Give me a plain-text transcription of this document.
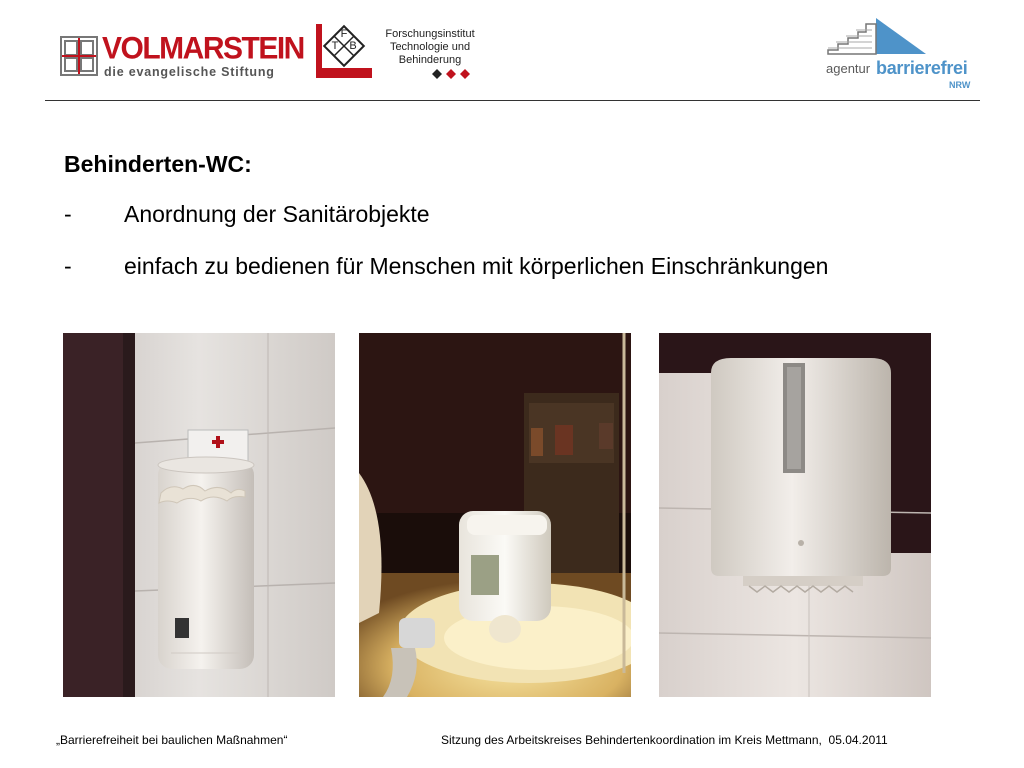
VOLMARSTEIN
die evangelische Stiftung
F
T B
Forschungsinstitut
Technologie und
Behinderung
agentur barrierefrei
NRW
Behinderten-WC:
-	Anordnung der Sanitärobjekte
-	einfach zu bedienen für Menschen mit körperlichen Einschränkungen
„Barrierefreiheit bei baulichen Maßnahmen“	Sitzung des Arbeitskreises Behindertenkoordination im Kreis Mettmann,  05.04.2011
